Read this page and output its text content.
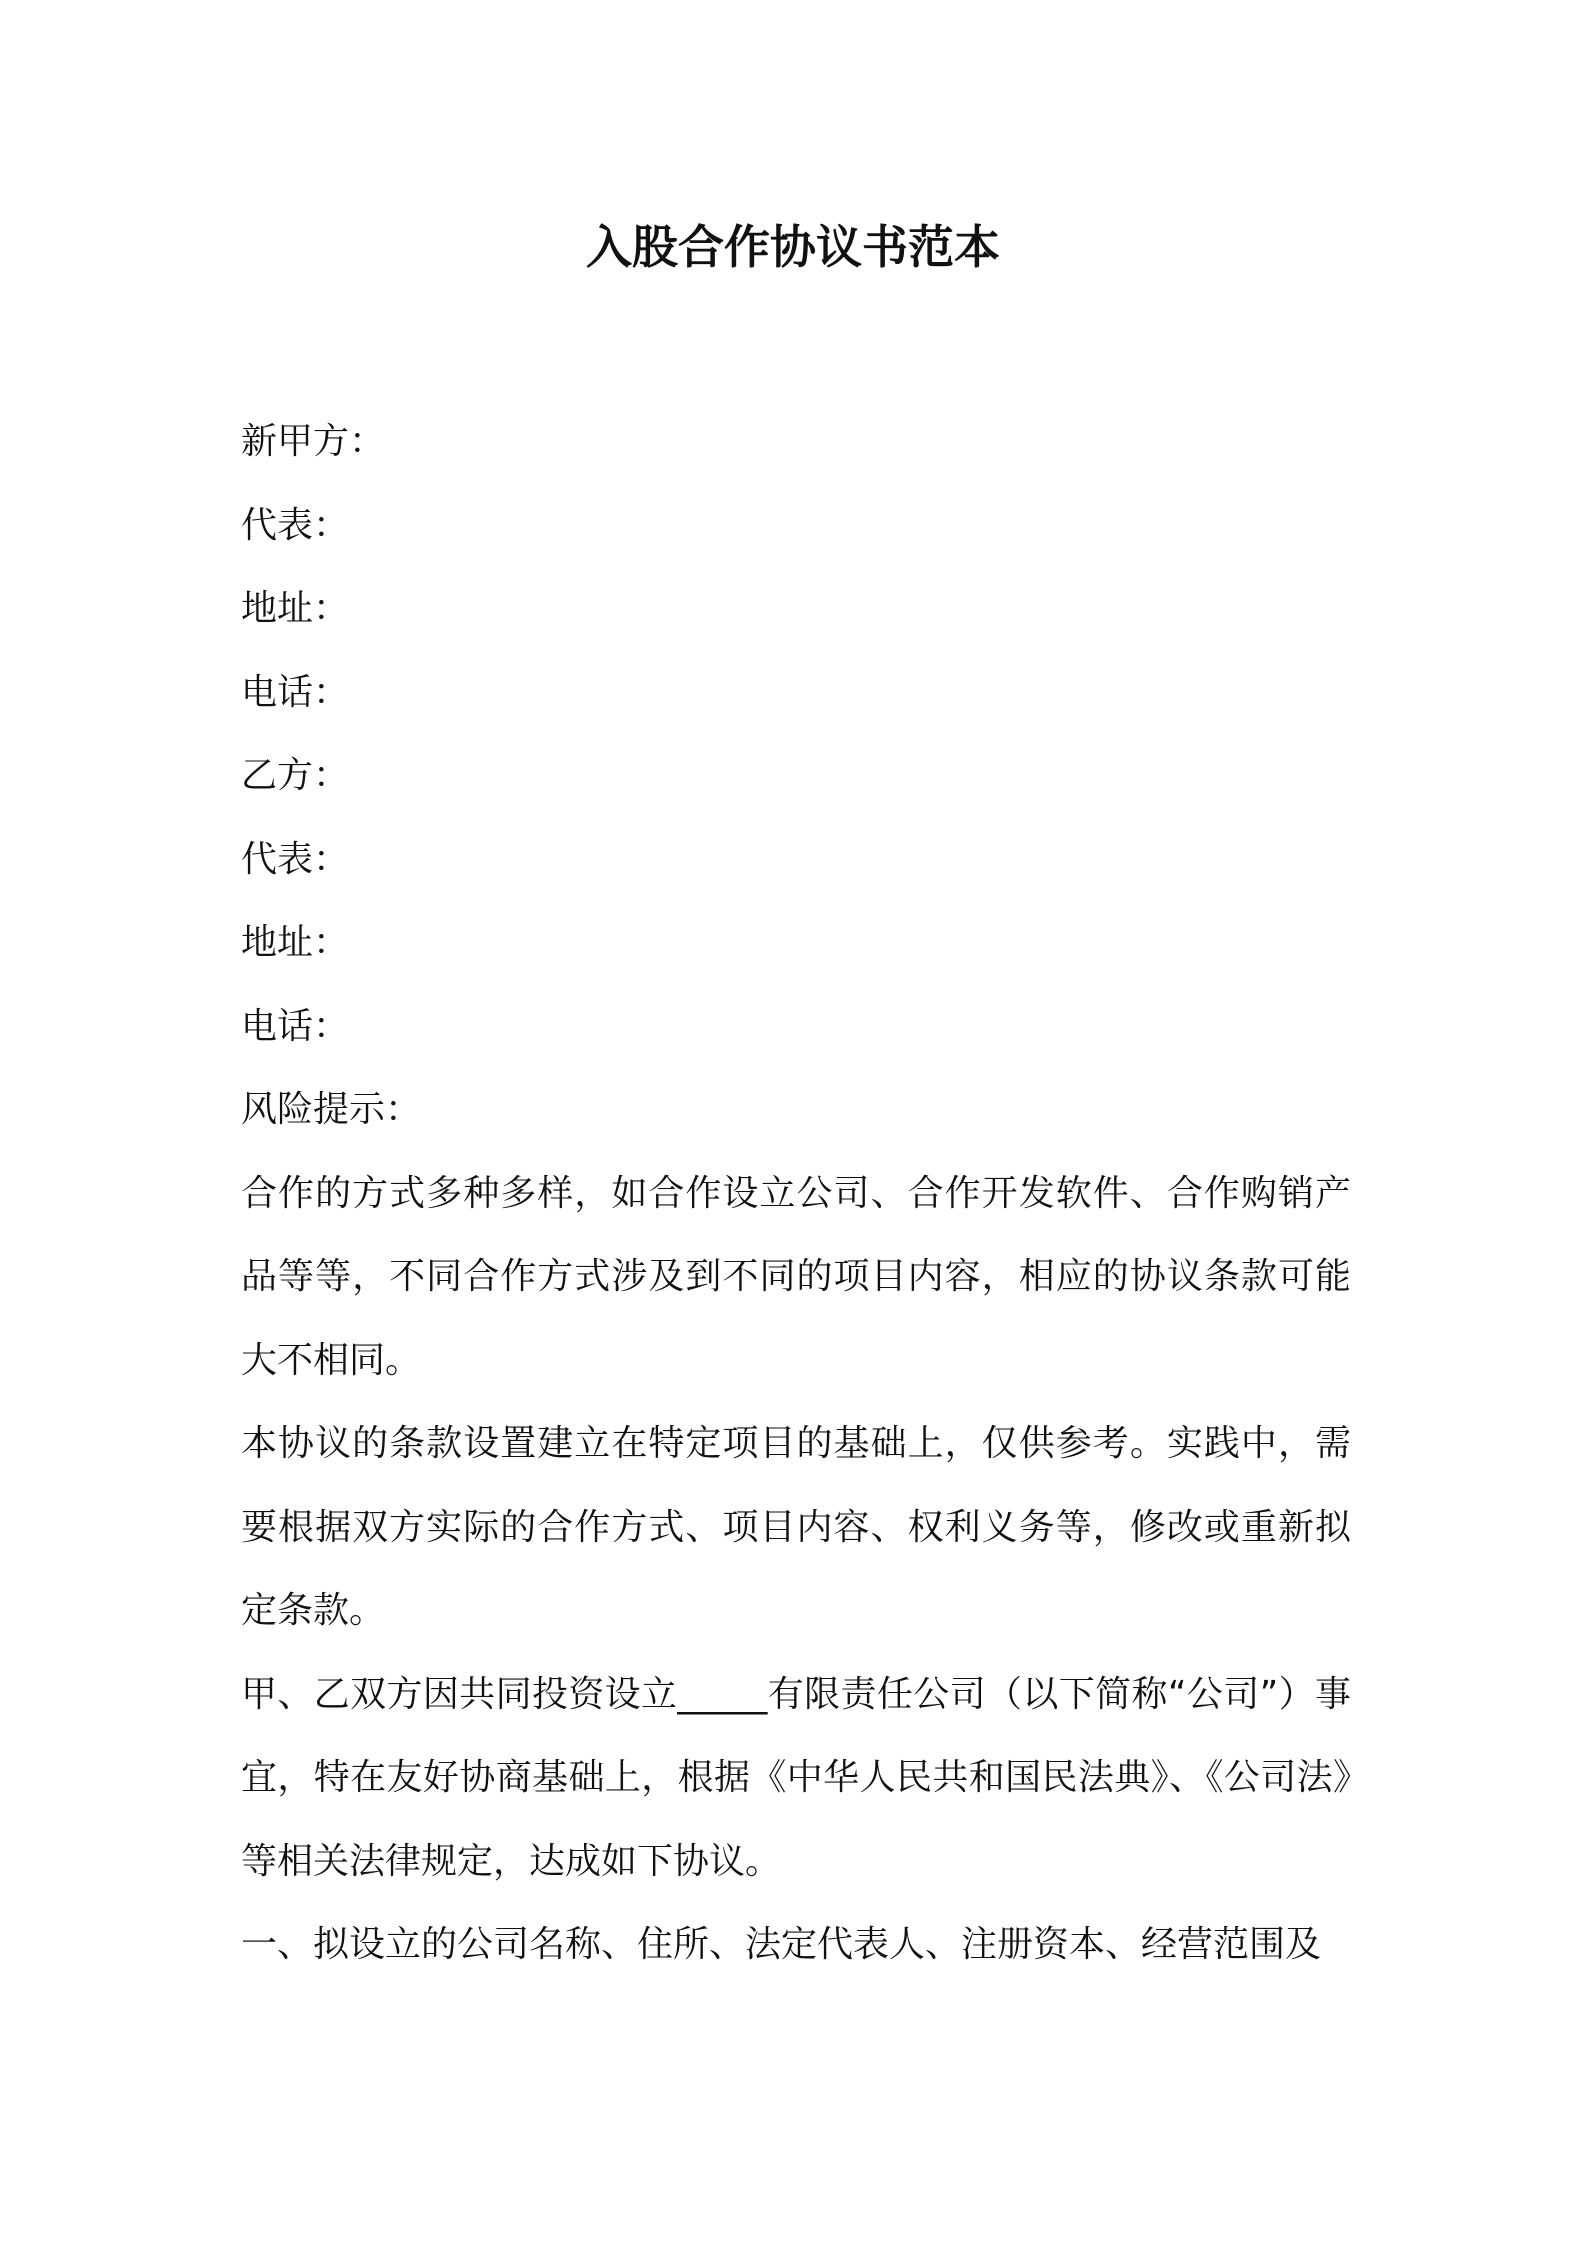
入股合作协议书范本

新甲方：

代表：

地址：

电话：

乙方：

代表：

地址：

电话：

风险提示：

合作的方式多种多样，如合作设立公司、合作开发软件、合作购销产品等等，不同合作方式涉及到不同的项目内容，相应的协议条款可能大不相同。

本协议的条款设置建立在特定项目的基础上，仅供参考。实践中，需要根据双方实际的合作方式、项目内容、权利义务等，修改或重新拟定条款。

甲、乙双方因共同投资设立_____有限责任公司（以下简称“公司”）事宜，特在友好协商基础上，根据《中华人民共和国民法典》、《公司法》等相关法律规定，达成如下协议。

一、拟设立的公司名称、住所、法定代表人、注册资本、经营范围及
